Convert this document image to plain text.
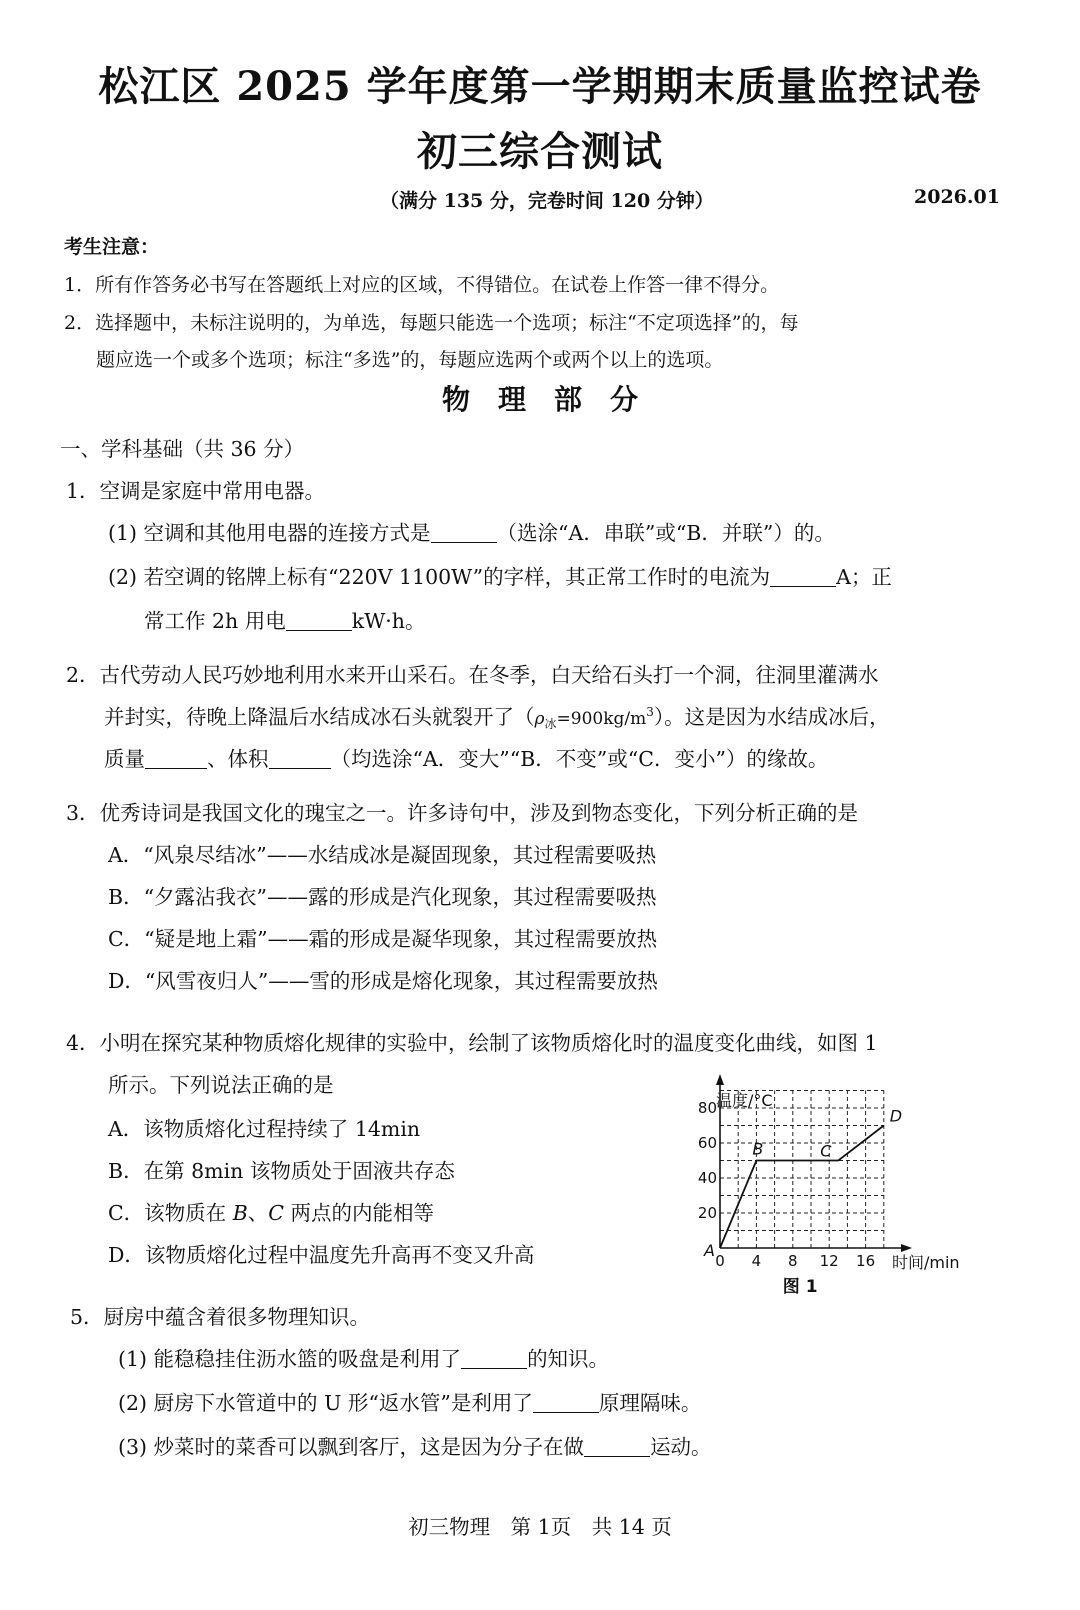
松江区 2025 学年度第一学期期末质量监控试卷
初三综合测试
（满分 135 分，完卷时间 120 分钟）	2026.01
考生注意：
1．所有作答务必书写在答题纸上对应的区域，不得错位。在试卷上作答一律不得分。
2．选择题中，未标注说明的，为单选，每题只能选一个选项；标注“不定项选择”的，每
题应选一个或多个选项；标注“多选”的，每题应选两个或两个以上的选项。
物　理　部　分
一、学科基础（共 36 分）
1．空调是家庭中常用电器。
(1) 空调和其他用电器的连接方式是	（选涂“A．串联”或“B．并联”）的。
(2) 若空调的铭牌上标有“220V 1100W”的字样，其正常工作时的电流为	A；正
常工作 2h 用电	kW·h。
2．古代劳动人民巧妙地利用水来开山采石。在冬季，白天给石头打一个洞，往洞里灌满水
并封实，待晚上降温后水结成冰石头就裂开了$(\rho_冰=900kg/m^3)$。这是因为水结成冰后，
质量	、体积	（均选涂“A．变大”“B．不变”或“C．变小”）的缘故。
3．优秀诗词是我国文化的瑰宝之一。许多诗句中，涉及到物态变化，下列分析正确的是
A．“风泉尽结冰”——水结成冰是凝固现象，其过程需要吸热
B．“夕露沾我衣”——露的形成是汽化现象，其过程需要吸热
C．“疑是地上霜”——霜的形成是凝华现象，其过程需要放热
D．“风雪夜归人”——雪的形成是熔化现象，其过程需要放热
4．小明在探究某种物质熔化规律的实验中，绘制了该物质熔化时的温度变化曲线，如图 1
所示。下列说法正确的是
A．该物质熔化过程持续了 14min
B．在第 8min 该物质处于固液共存态
C．该物质在 B、C 两点的内能相等
D．该物质熔化过程中温度先升高再不变又升高	0 4 8 12 16
20
40
60
80
A
B	C
D
温度/°C
时间/min
图 1
5．厨房中蕴含着很多物理知识。
(1) 能稳稳挂住沥水篮的吸盘是利用了	的知识。
(2) 厨房下水管道中的 U 形“返水管”是利用了	原理隔味。
(3) 炒菜时的菜香可以飘到客厅，这是因为分子在做	运动。
初三物理　第 1页　共 14 页
